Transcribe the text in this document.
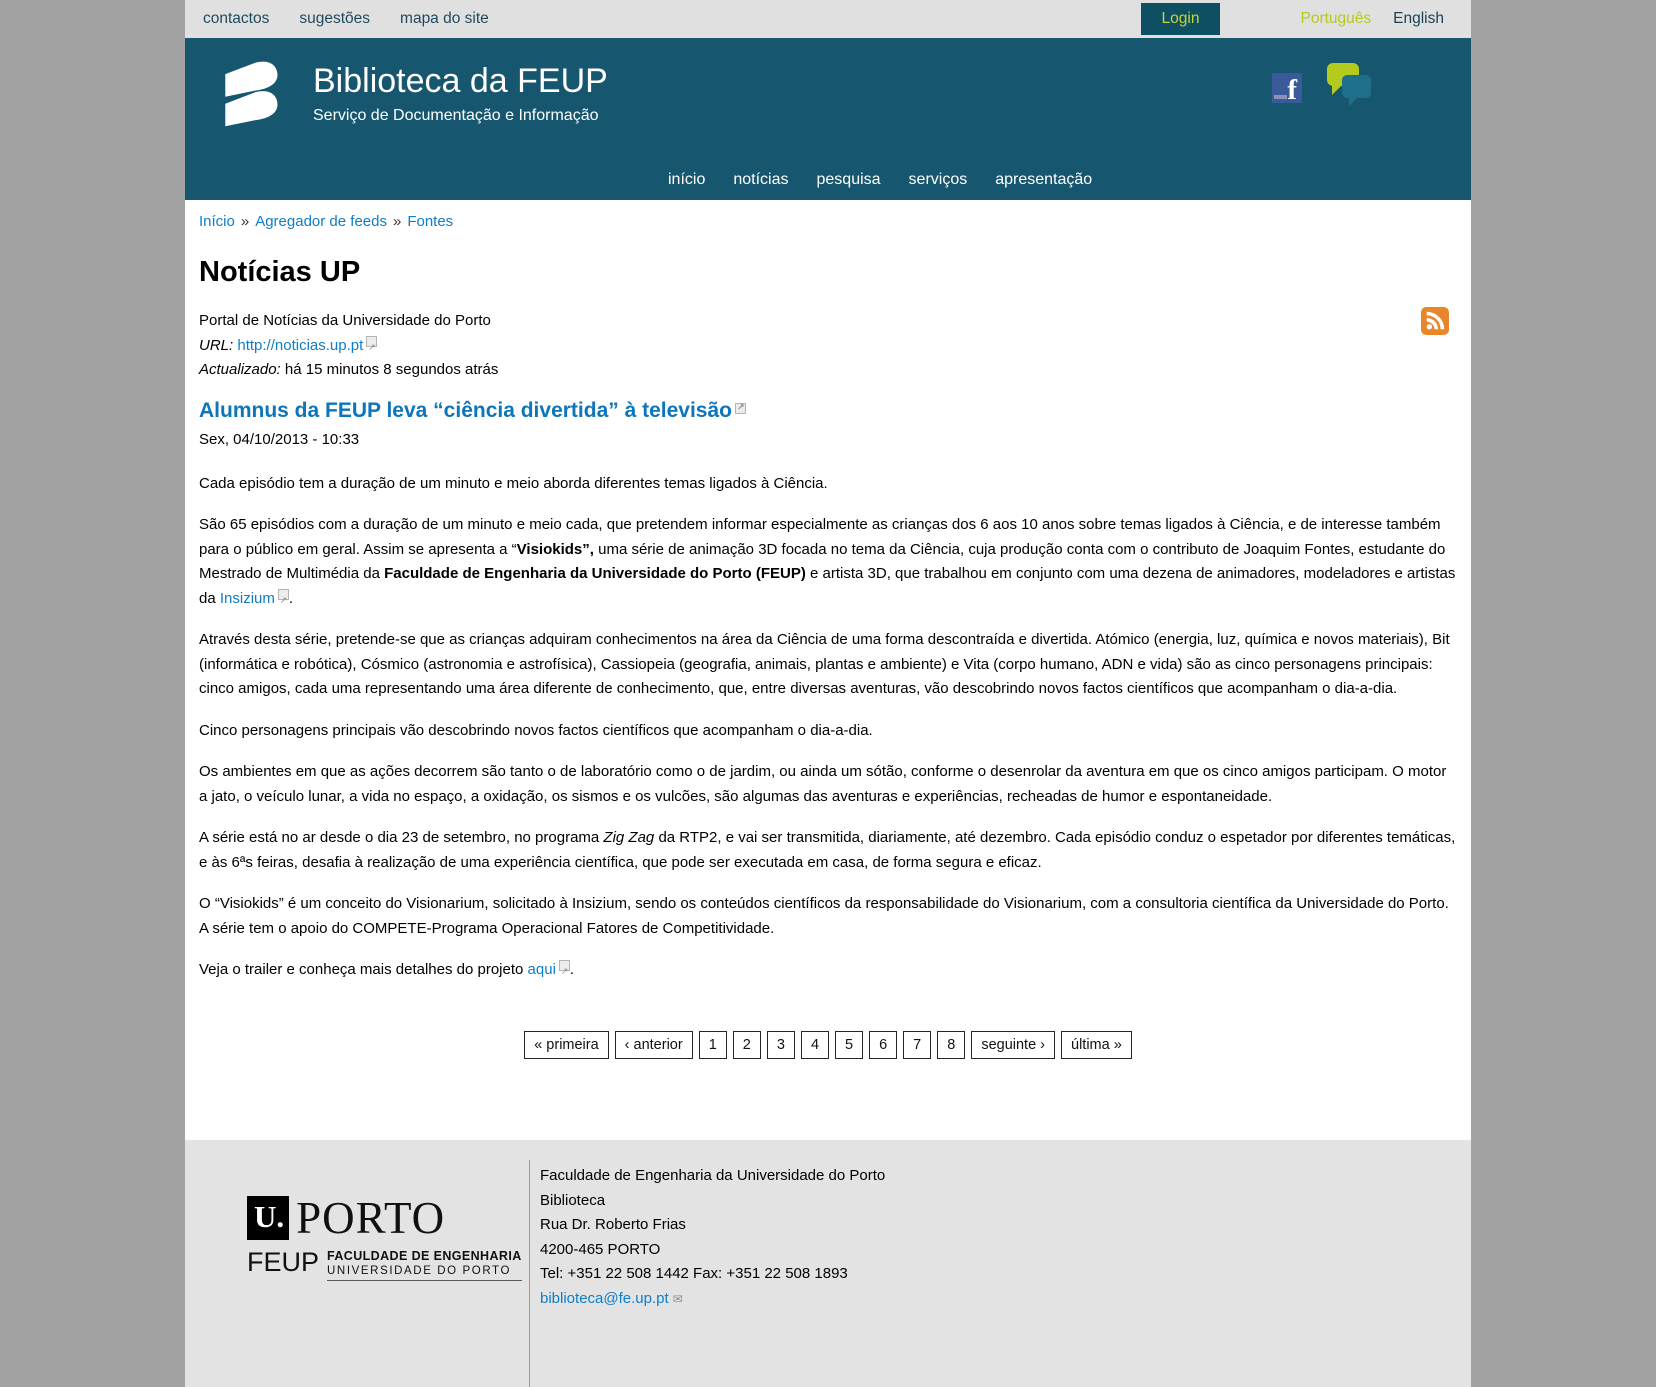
contactos sugestões mapa do site	Login	Português English
Biblioteca da FEUP
Serviço de Documentação e Informação
f
início notícias pesquisa serviços apresentação
Início » Agregador de feeds » Fontes
Notícias UP
Portal de Notícias da Universidade do Porto
URL: http://noticias.up.pt↗
Actualizado: há 15 minutos 8 segundos atrás
Alumnus da FEUP leva “ciência divertida” à televisão↗
Sex, 04/10/2013 - 10:33

Cada episódio tem a duração de um minuto e meio aborda diferentes temas ligados à Ciência.

São 65 episódios com a duração de um minuto e meio cada, que pretendem informar especialmente as crianças dos 6 aos 10 anos sobre temas ligados à Ciência, e de interesse também para o público em geral. Assim se apresenta a “Visiokids”, uma série de animação 3D focada no tema da Ciência, cuja produção conta com o contributo de Joaquim Fontes, estudante do Mestrado de Multimédia da Faculdade de Engenharia da Universidade do Porto (FEUP) e artista 3D, que trabalhou em conjunto com uma dezena de animadores, modeladores e artistas da Insizium ↗ .

Através desta série, pretende-se que as crianças adquiram conhecimentos na área da Ciência de uma forma descontraída e divertida. Atómico (energia, luz, química e novos materiais), Bit (informática e robótica), Cósmico (astronomia e astrofísica), Cassiopeia (geografia, animais, plantas e ambiente) e Vita (corpo humano, ADN e vida) são as cinco personagens principais: cinco amigos, cada uma representando uma área diferente de conhecimento, que, entre diversas aventuras, vão descobrindo novos factos científicos que acompanham o dia-a-dia.

Cinco personagens principais vão descobrindo novos factos científicos que acompanham o dia-a-dia.

Os ambientes em que as ações decorrem são tanto o de laboratório como o de jardim, ou ainda um sótão, conforme o desenrolar da aventura em que os cinco amigos participam. O motor a jato, o veículo lunar, a vida no espaço, a oxidação, os sismos e os vulcões, são algumas das aventuras e experiências, recheadas de humor e espontaneidade.

A série está no ar desde o dia 23 de setembro, no programa Zig Zag da RTP2, e vai ser transmitida, diariamente, até dezembro. Cada episódio conduz o espetador por diferentes temáticas, e às 6ªs feiras, desafia à realização de uma experiência científica, que pode ser executada em casa, de forma segura e eficaz.

O “Visiokids” é um conceito do Visionarium, solicitado à Insizium, sendo os conteúdos científicos da responsabilidade do Visionarium, com a consultoria científica da Universidade do Porto. A série tem o apoio do COMPETE-Programa Operacional Fatores de Competitividade.

Veja o trailer e conheça mais detalhes do projeto aqui ↗ .

« primeira ‹ anterior 1 2 3 4 5 6 7 8 seguinte › última »
U. PORTO
FEUP FACULDADE DE ENGENHARIA
UNIVERSIDADE DO PORTO
Faculdade de Engenharia da Universidade do Porto
Biblioteca
Rua Dr. Roberto Frias
4200-465 PORTO
Tel: +351 22 508 1442 Fax: +351 22 508 1893
biblioteca@fe.up.pt ✉
